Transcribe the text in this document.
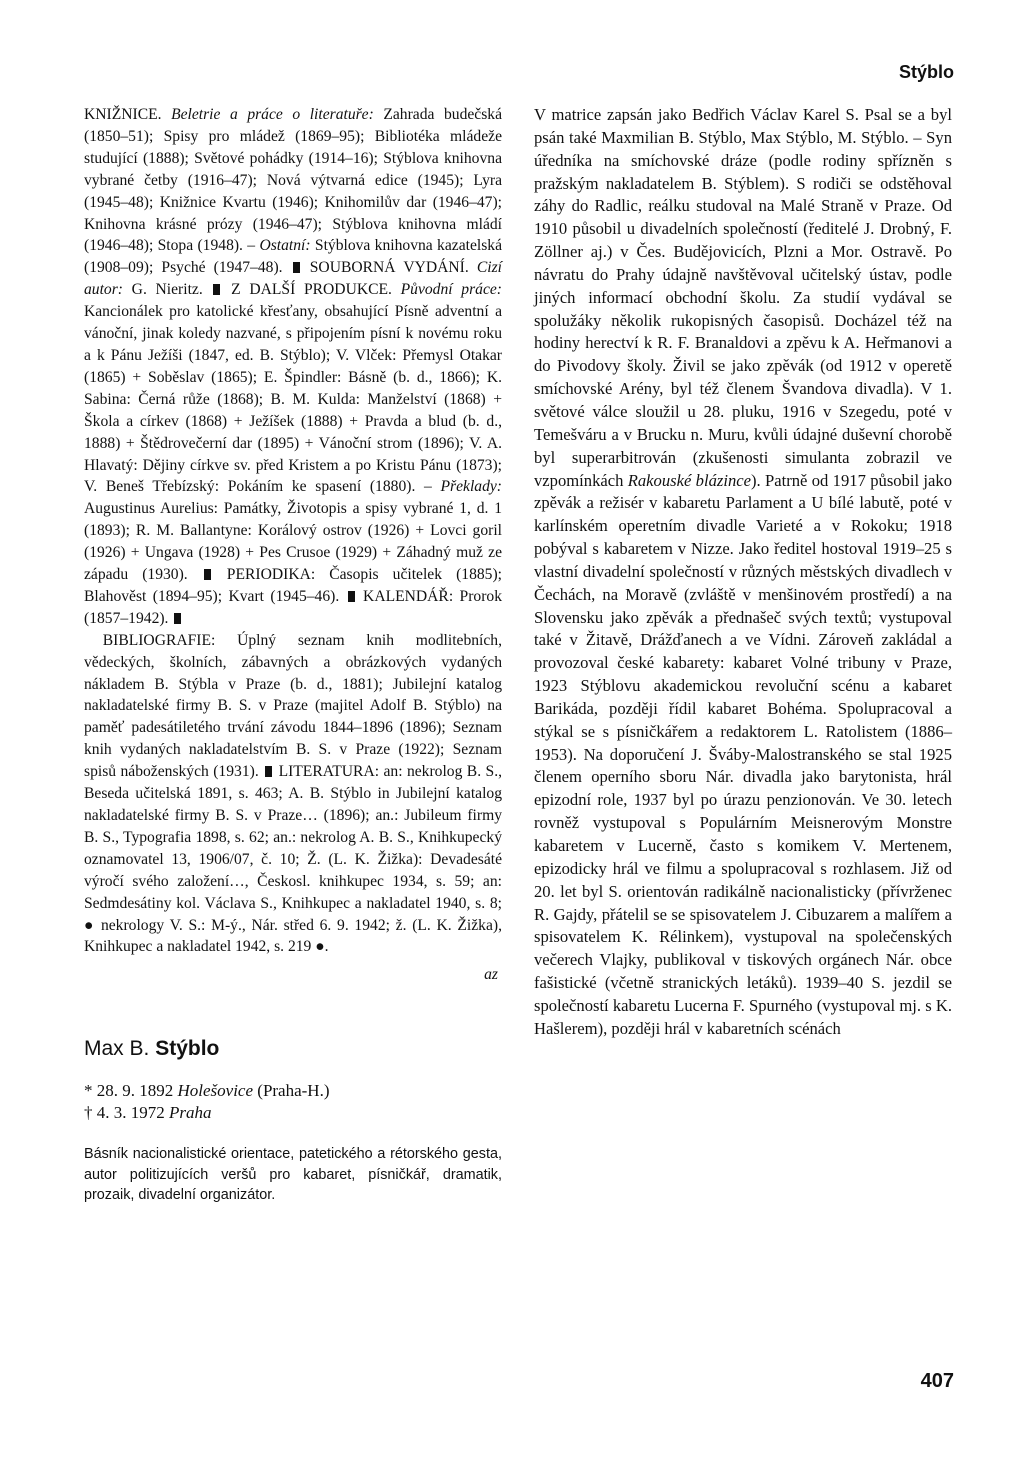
Stýblo

KNIŽNICE. Beletrie a práce o literatuře: Zahrada budečská (1850–51); Spisy pro mládež (1869–95); Bibliotéka mládeže studující (1888); Světové pohádky (1914–16); Stýblova knihovna vybrané četby (1916–47); Nová výtvarná edice (1945); Lyra (1945–48); Knižnice Kvartu (1946); Knihomilův dar (1946–47); Knihovna krásné prózy (1946–47); Stýblova knihovna mládí (1946–48); Stopa (1948). – Ostatní: Stýblova knihovna kazatelská (1908–09); Psyché (1947–48).  SOUBORNÁ VYDÁNÍ. Cizí autor: G. Nieritz.  Z DALŠÍ PRODUKCE. Původní práce: Kancionálek pro katolické křesťany, obsahující Písně adventní a vánoční, jinak koledy nazvané, s připojením písní k novému roku a k Pánu Ježíši (1847, ed. B. Stýblo); V. Vlček: Přemysl Otakar (1865) + Soběslav (1865); E. Špindler: Básně (b. d., 1866); K. Sabina: Černá růže (1868); B. M. Kulda: Manželství (1868) + Škola a církev (1868) + Ježíšek (1888) + Pravda a blud (b. d., 1888) + Štědrovečerní dar (1895) + Vánoční strom (1896); V. A. Hlavatý: Dějiny církve sv. před Kristem a po Kristu Pánu (1873); V. Beneš Třebízský: Pokáním ke spasení (1880). – Překlady: Augustinus Aurelius: Památky, Životopis a spisy vybrané 1, d. 1 (1893); R. M. Ballantyne: Korálový ostrov (1926) + Lovci goril (1926) + Ungava (1928) + Pes Crusoe (1929) + Záhadný muž ze západu (1930).  PERIODIKA: Časopis učitelek (1885); Blahověst (1894–95); Kvart (1945–46).  KALENDÁŘ: Prorok (1857–1942).

BIBLIOGRAFIE: Úplný seznam knih modlitebních, vědeckých, školních, zábavných a obrázkových vydaných nákladem B. Stýbla v Praze (b. d., 1881); Jubilejní katalog nakladatelské firmy B. S. v Praze (majitel Adolf B. Stýblo) na paměť padesátiletého trvání závodu 1844–1896 (1896); Seznam knih vydaných nakladatelstvím B. S. v Praze (1922); Seznam spisů náboženských (1931).  LITERATURA: an: nekrolog B. S., Beseda učitelská 1891, s. 463; A. B. Stýblo in Jubilejní katalog nakladatelské firmy B. S. v Praze… (1896); an.: Jubileum firmy B. S., Typografia 1898, s. 62; an.: nekrolog A. B. S., Knihkupecký oznamovatel 13, 1906/07, č. 10; Ž. (L. K. Žižka): Devadesáté výročí svého založení…, Českosl. knihkupec 1934, s. 59; an: Sedmdesátiny kol. Václava S., Knihkupec a nakladatel 1940, s. 8; ● nekrology V. S.: M-ý., Nár. střed 6. 9. 1942; ž. (L. K. Žižka), Knihkupec a nakladatel 1942, s. 219 ●.

az

Max B. Stýblo

* 28. 9. 1892 Holešovice (Praha-H.)

† 4. 3. 1972 Praha

Básník nacionalistické orientace, patetického a rétorského gesta, autor politizujících veršů pro kabaret, písničkář, dramatik, prozaik, divadelní organizátor.

V matrice zapsán jako Bedřich Václav Karel S. Psal se a byl psán také Maxmilian B. Stýblo, Max Stýblo, M. Stýblo. – Syn úředníka na smíchovské dráze (podle rodiny spřízněn s pražským nakladatelem B. Stýblem). S rodiči se odstěhoval záhy do Radlic, reálku studoval na Malé Straně v Praze. Od 1910 působil u divadelních společností (ředitelé J. Drobný, F. Zöllner aj.) v Čes. Budějovicích, Plzni a Mor. Ostravě. Po návratu do Prahy údajně navštěvoval učitelský ústav, podle jiných informací obchodní školu. Za studií vydával se spolužáky několik rukopisných časopisů. Docházel též na hodiny herectví k R. F. Branaldovi a zpěvu k A. Heřmanovi a do Pivodovy školy. Živil se jako zpěvák (od 1912 v operetě smíchovské Arény, byl též členem Švandova divadla). V 1. světové válce sloužil u 28. pluku, 1916 v Szegedu, poté v Temešváru a v Brucku n. Muru, kvůli údajné duševní chorobě byl superarbitrován (zkušenosti simulanta zobrazil ve vzpomínkách Rakouské blázince). Patrně od 1917 působil jako zpěvák a režisér v kabaretu Parlament a U bílé labutě, poté v karlínském operetním divadle Varieté a v Rokoku; 1918 pobýval s kabaretem v Nizze. Jako ředitel hostoval 1919–25 s vlastní divadelní společností v různých městských divadlech v Čechách, na Moravě (zvláště v menšinovém prostředí) a na Slovensku jako zpěvák a přednašeč svých textů; vystupoval také v Žitavě, Drážďanech a ve Vídni. Zároveň zakládal a provozoval české kabarety: kabaret Volné tribuny v Praze, 1923 Stýblovu akademickou revoluční scénu a kabaret Barikáda, později řídil kabaret Bohéma. Spolupracoval a stýkal se s písničkářem a redaktorem L. Ratolistem (1886–1953). Na doporučení J. Šváby-Malostranského se stal 1925 členem operního sboru Nár. divadla jako barytonista, hrál epizodní role, 1937 byl po úrazu penzionován. Ve 30. letech rovněž vystupoval s Populárním Meisnerovým Monstre kabaretem v Lucerně, často s komikem V. Mertenem, epizodicky hrál ve filmu a spolupracoval s rozhlasem. Již od 20. let byl S. orientován radikálně nacionalisticky (přívrženec R. Gajdy, přátelil se se spisovatelem J. Cibuzarem a malířem a spisovatelem K. Rélinkem), vystupoval na společenských večerech Vlajky, publikoval v tiskových orgánech Nár. obce fašistické (včetně stranických letáků). 1939–40 S. jezdil se společností kabaretu Lucerna F. Spurného (vystupoval mj. s K. Hašlerem), později hrál v kabaretních scénách

407
